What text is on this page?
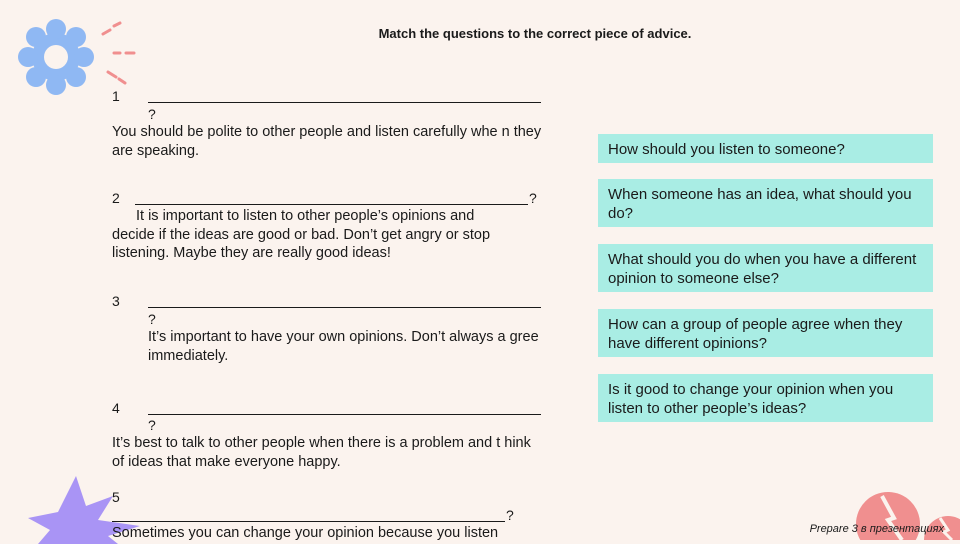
Match the questions to the correct piece of advice.
1
?
You should be polite to other people and listen carefully whe n they are speaking.
2	?
It is important to listen to other people’s opinions and decide if the ideas are good or bad. Don’t get angry or stop listening. Maybe they are really good ideas!
3
?
It’s important to have your own opinions. Don’t always a gree immediately.
4
?
It’s best to talk to other people when there is a problem and t hink of ideas that make everyone happy.
5
?
Sometimes you can change your opinion because you listen
How should you listen to someone?
When someone has an idea, what should you do?
What should you do when you have a different opinion to someone else?
How can a group of people agree when they have different opinions?
Is it good to change your opinion when you listen to other people’s ideas?
Prepare 3 в презентациях
